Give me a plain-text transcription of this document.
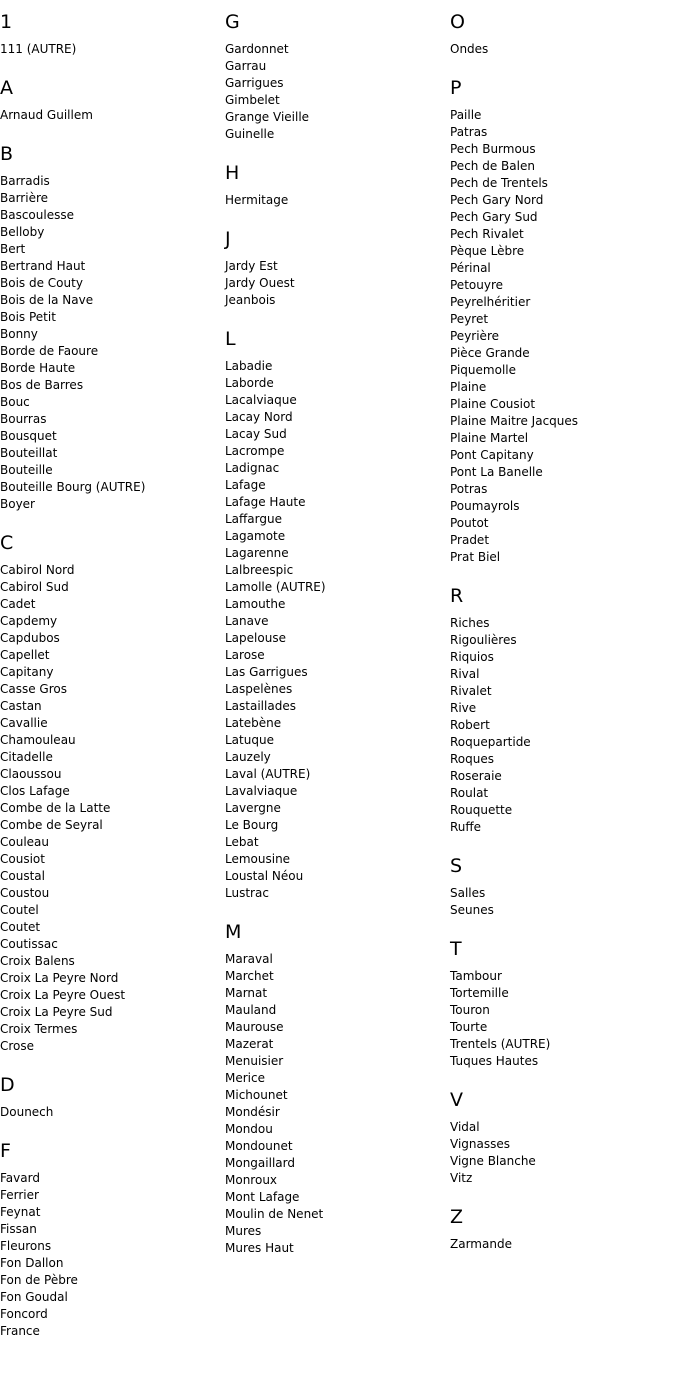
1
111 (AUTRE)
A
Arnaud Guillem
B
Barradis
Barrière
Bascoulesse
Belloby
Bert
Bertrand Haut
Bois de Couty
Bois de la Nave
Bois Petit
Bonny
Borde de Faoure
Borde Haute
Bos de Barres
Bouc
Bourras
Bousquet
Bouteillat
Bouteille
Bouteille Bourg (AUTRE)
Boyer
C
Cabirol Nord
Cabirol Sud
Cadet
Capdemy
Capdubos
Capellet
Capitany
Casse Gros
Castan
Cavallie
Chamouleau
Citadelle
Claoussou
Clos Lafage
Combe de la Latte
Combe de Seyral
Couleau
Cousiot
Coustal
Coustou
Coutel
Coutet
Coutissac
Croix Balens
Croix La Peyre Nord
Croix La Peyre Ouest
Croix La Peyre Sud
Croix Termes
Crose
D
Dounech
F
Favard
Ferrier
Feynat
Fissan
Fleurons
Fon Dallon
Fon de Pèbre
Fon Goudal
Foncord
France
G
Gardonnet
Garrau
Garrigues
Gimbelet
Grange Vieille
Guinelle
H
Hermitage
J
Jardy Est
Jardy Ouest
Jeanbois
L
Labadie
Laborde
Lacalviaque
Lacay Nord
Lacay Sud
Lacrompe
Ladignac
Lafage
Lafage Haute
Laffargue
Lagamote
Lagarenne
Lalbreespic
Lamolle (AUTRE)
Lamouthe
Lanave
Lapelouse
Larose
Las Garrigues
Laspelènes
Lastaillades
Latebène
Latuque
Lauzely
Laval (AUTRE)
Lavalviaque
Lavergne
Le Bourg
Lebat
Lemousine
Loustal Néou
Lustrac
M
Maraval
Marchet
Marnat
Mauland
Maurouse
Mazerat
Menuisier
Merice
Michounet
Mondésir
Mondou
Mondounet
Mongaillard
Monroux
Mont Lafage
Moulin de Nenet
Mures
Mures Haut
O
Ondes
P
Paille
Patras
Pech Burmous
Pech de Balen
Pech de Trentels
Pech Gary Nord
Pech Gary Sud
Pech Rivalet
Pèque Lèbre
Périnal
Petouyre
Peyrelhéritier
Peyret
Peyrière
Pièce Grande
Piquemolle
Plaine
Plaine Cousiot
Plaine Maitre Jacques
Plaine Martel
Pont Capitany
Pont La Banelle
Potras
Poumayrols
Poutot
Pradet
Prat Biel
R
Riches
Rigoulières
Riquios
Rival
Rivalet
Rive
Robert
Roquepartide
Roques
Roseraie
Roulat
Rouquette
Ruffe
S
Salles
Seunes
T
Tambour
Tortemille
Touron
Tourte
Trentels (AUTRE)
Tuques Hautes
V
Vidal
Vignasses
Vigne Blanche
Vitz
Z
Zarmande
